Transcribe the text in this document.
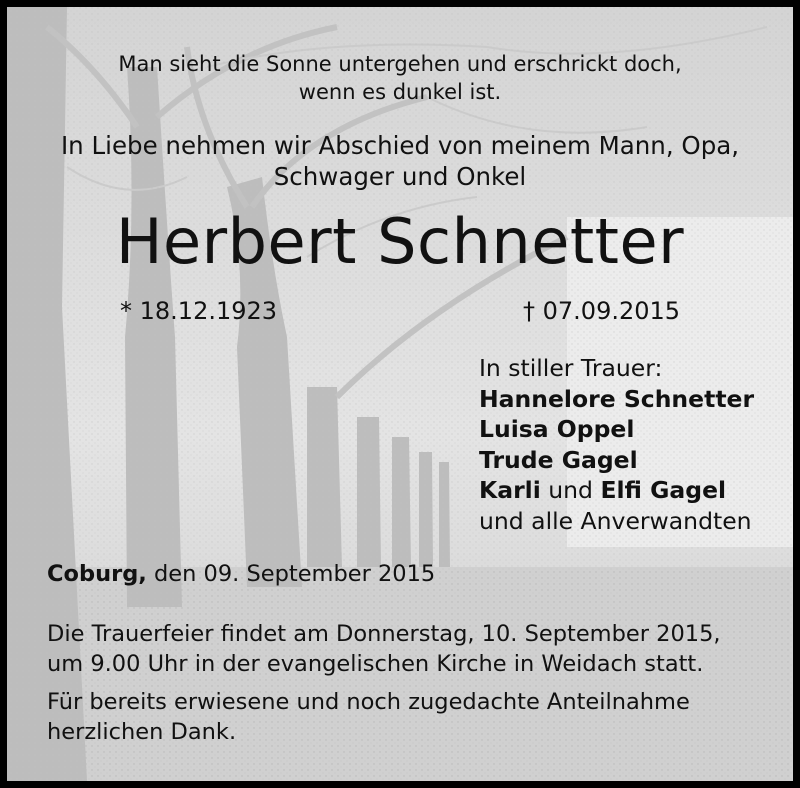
Man sieht die Sonne untergehen und erschrickt doch,
wenn es dunkel ist.
In Liebe nehmen wir Abschied von meinem Mann, Opa,
Schwager und Onkel
Herbert Schnetter
* 18.12.1923	† 07.09.2015
In stiller Trauer:
Hannelore Schnetter
Luisa Oppel
Trude Gagel
Karli und Elfi Gagel
und alle Anverwandten
Coburg, den 09. September 2015
Die Trauerfeier findet am Donnerstag, 10. September 2015,
um 9.00 Uhr in der evangelischen Kirche in Weidach statt.
Für bereits erwiesene und noch zugedachte Anteilnahme
herzlichen Dank.
